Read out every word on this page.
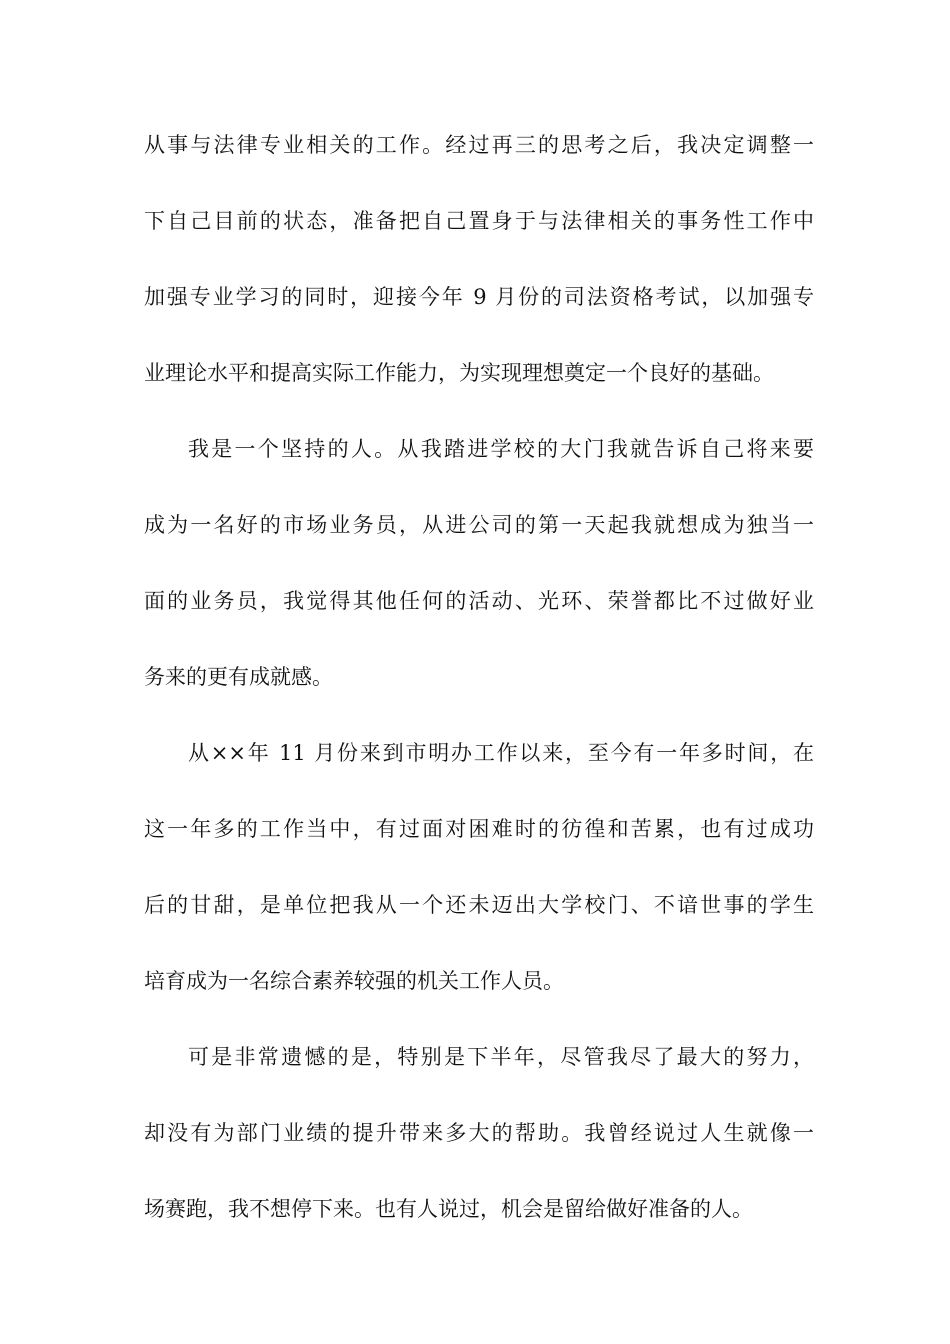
从事与法律专业相关的工作。经过再三的思考之后，我决定调整一
下自己目前的状态，准备把自己置身于与法律相关的事务性工作中
加强专业学习的同时，迎接今年 9 月份的司法资格考试，以加强专
业理论水平和提高实际工作能力，为实现理想奠定一个良好的基础。
我是一个坚持的人。从我踏进学校的大门我就告诉自己将来要
成为一名好的市场业务员，从进公司的第一天起我就想成为独当一
面的业务员，我觉得其他任何的活动、光环、荣誉都比不过做好业
务来的更有成就感。
从××年 11 月份来到市明办工作以来，至今有一年多时间，在
这一年多的工作当中，有过面对困难时的彷徨和苦累，也有过成功
后的甘甜，是单位把我从一个还未迈出大学校门、不谙世事的学生
培育成为一名综合素养较强的机关工作人员。
可是非常遗憾的是，特别是下半年，尽管我尽了最大的努力，
却没有为部门业绩的提升带来多大的帮助。我曾经说过人生就像一
场赛跑，我不想停下来。也有人说过，机会是留给做好准备的人。
